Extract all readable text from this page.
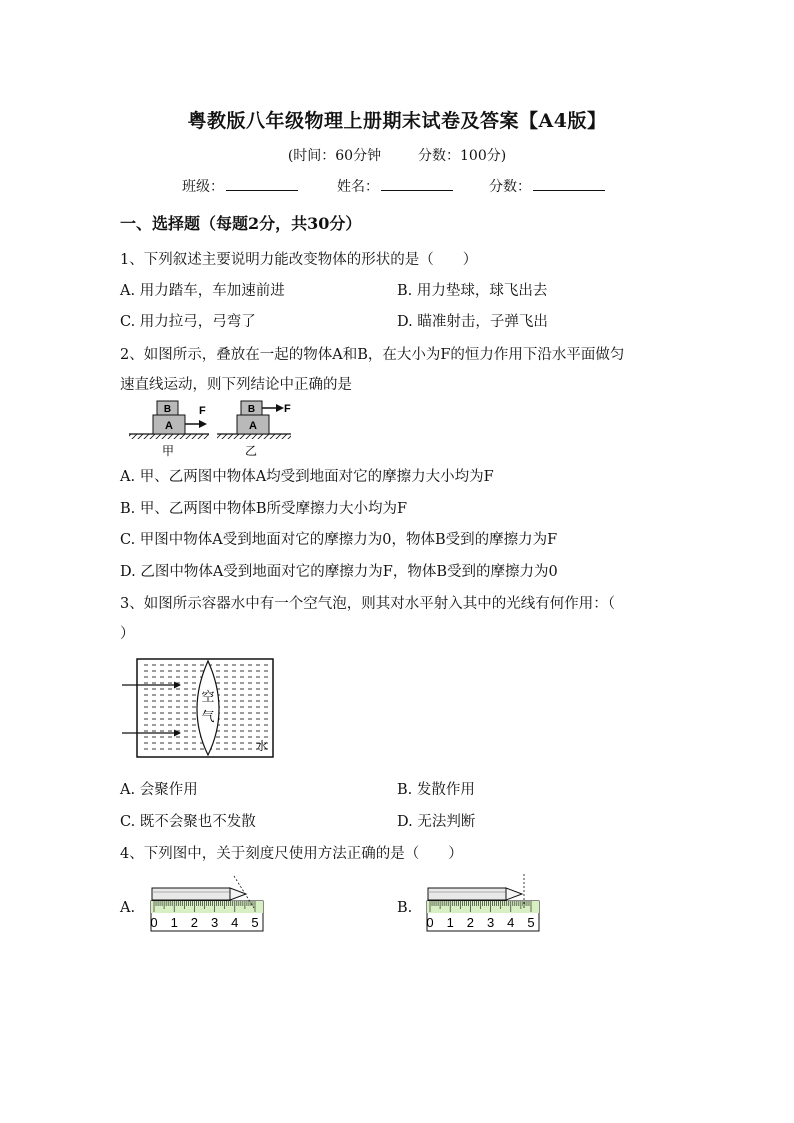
粤教版八年级物理上册期末试卷及答案【A4版】
(时间：60分钟	分数：100分)
班级：	姓名：	分数：
一、选择题（每题2分，共30分）
1、下列叙述主要说明力能改变物体的形状的是（　　）
A. 用力踏车，车加速前进	B. 用力垫球，球飞出去
C. 用力拉弓，弓弯了	D. 瞄准射击，子弹飞出
2、如图所示，叠放在一起的物体A和B，在大小为F的恒力作用下沿水平面做匀
速直线运动，则下列结论中正确的是
A
B	F
甲
A
B	F
乙
A. 甲、乙两图中物体A均受到地面对它的摩擦力大小均为F
B. 甲、乙两图中物体B所受摩擦力大小均为F
C. 甲图中物体A受到地面对它的摩擦力为0，物体B受到的摩擦力为F
D. 乙图中物体A受到地面对它的摩擦力为F，物体B受到的摩擦力为0
3、如图所示容器水中有一个空气泡，则其对水平射入其中的光线有何作用：（
）
空
气
水
A. 会聚作用	B. 发散作用
C. 既不会聚也不发散	D. 无法判断
4、下列图中，关于刻度尺使用方法正确的是（　　）
A.
0 1 2 3 4 5
B.
0 1 2 3 4 5
